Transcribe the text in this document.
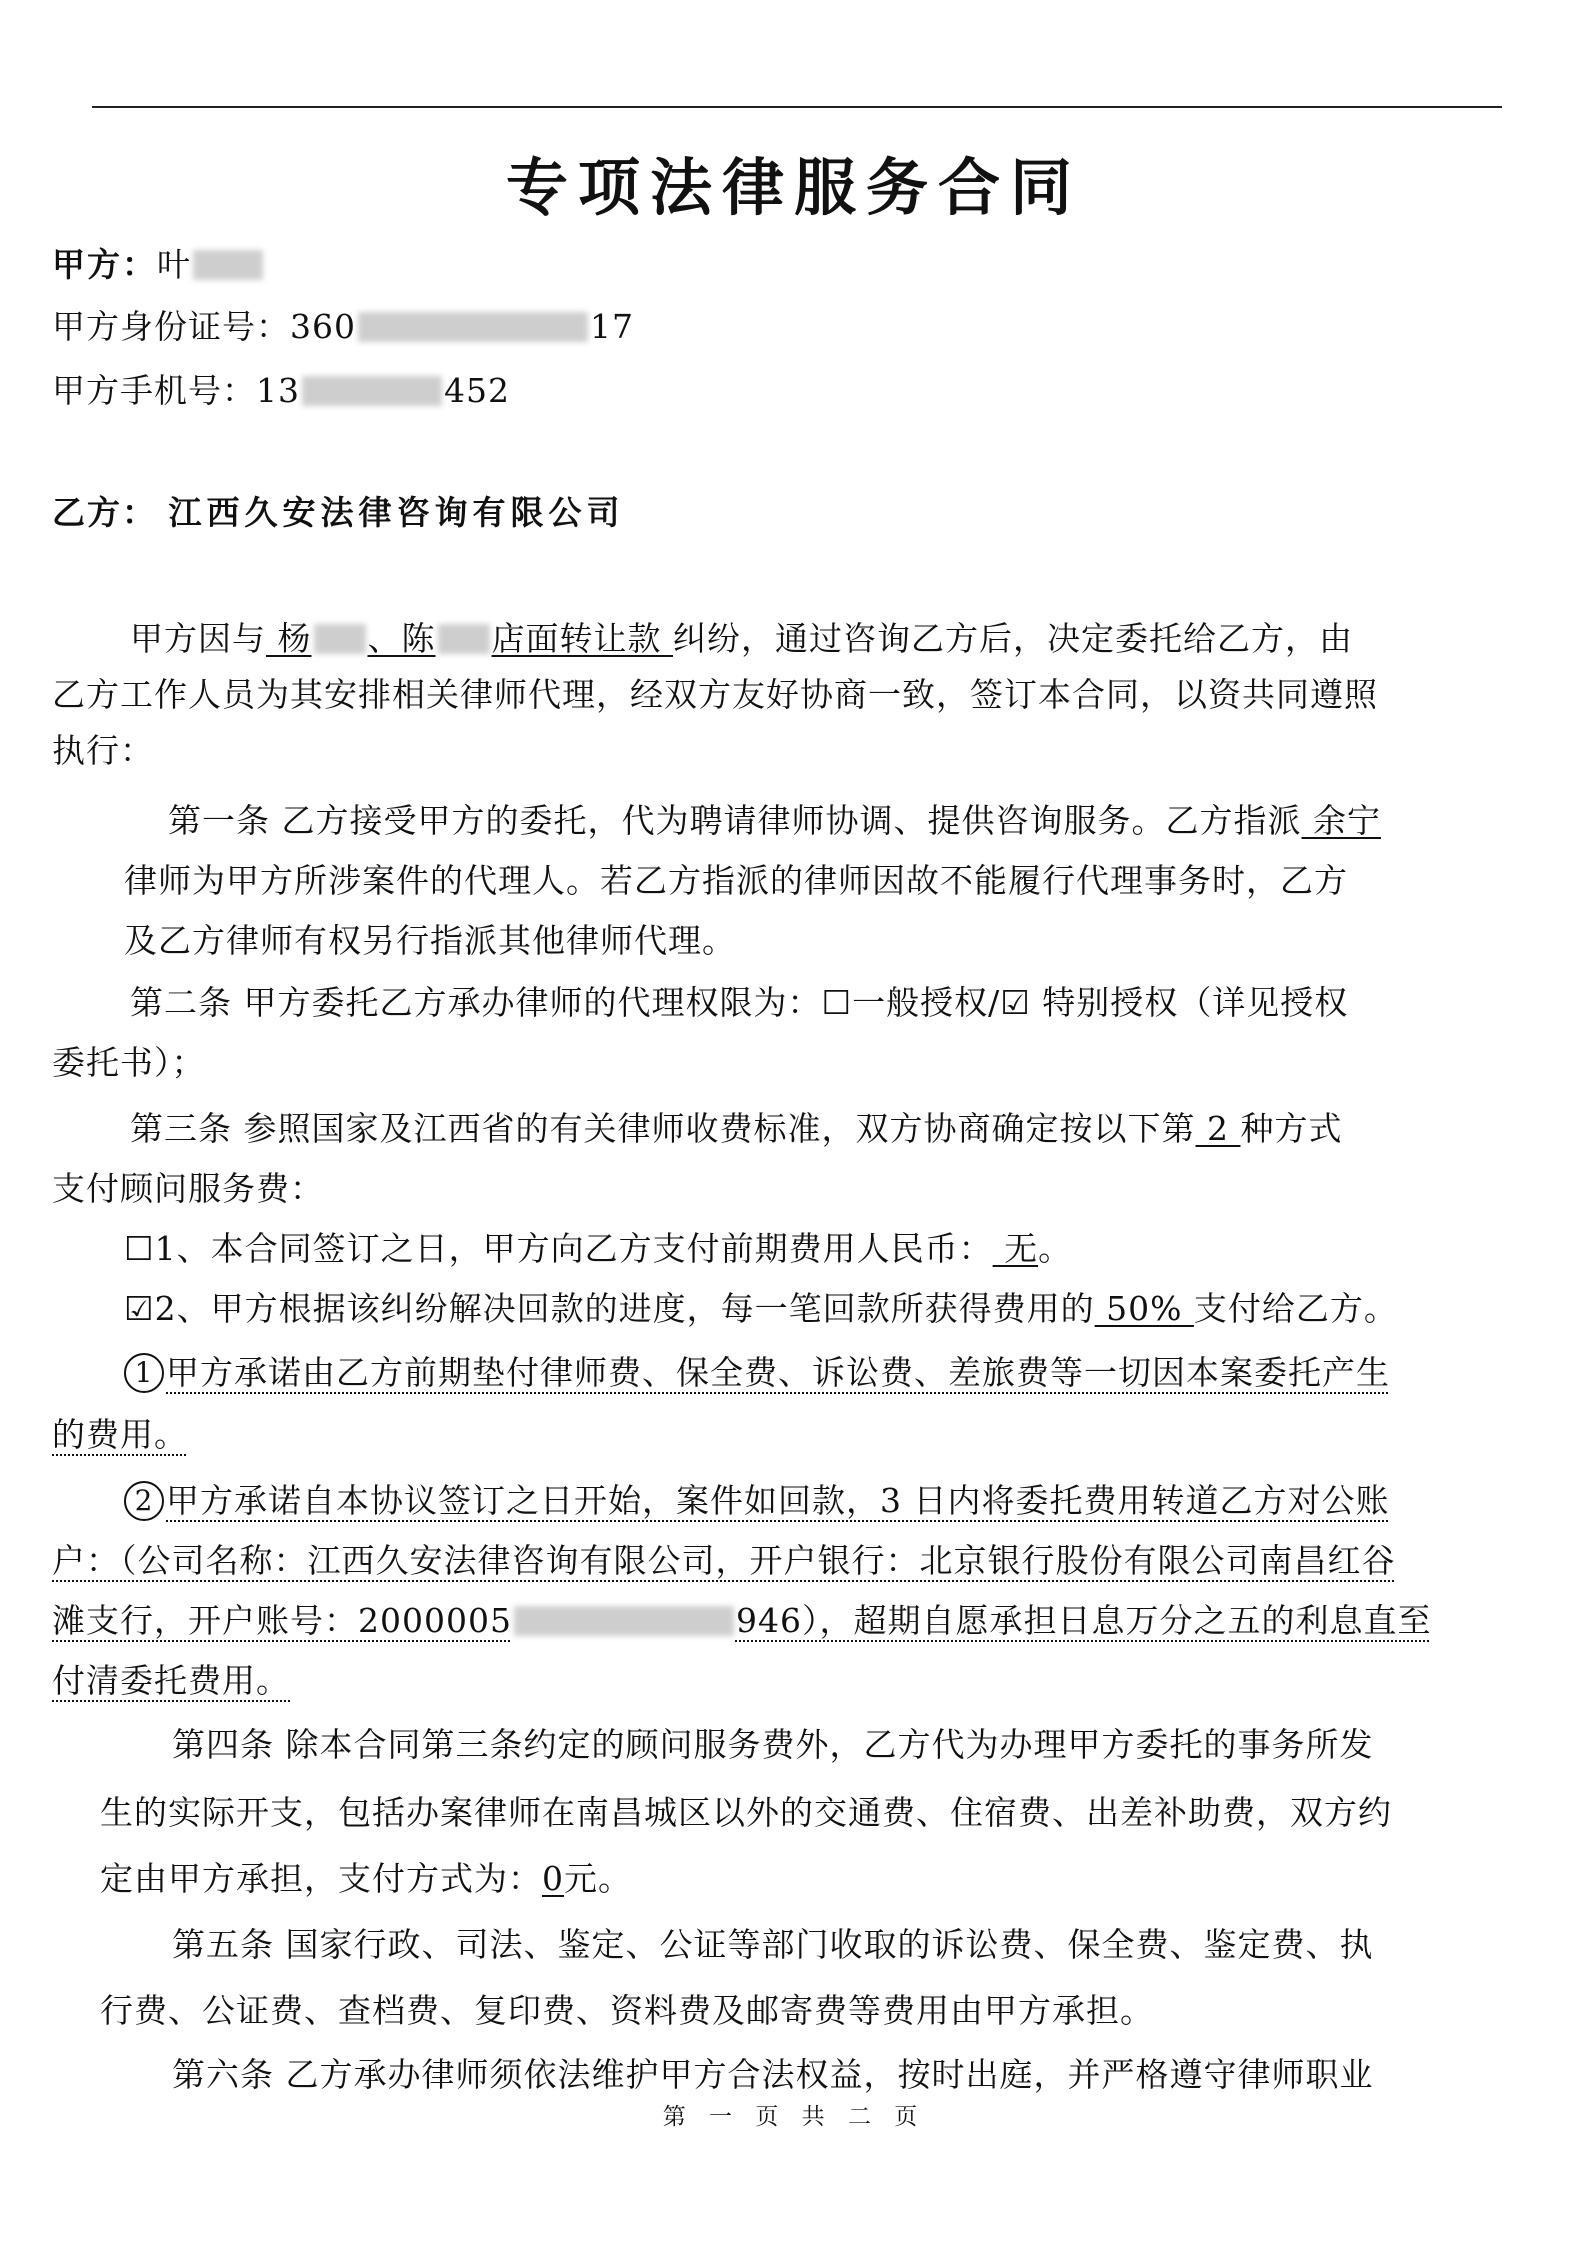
专项法律服务合同
甲方：叶
甲方身份证号：360	17
甲方手机号：13	452
乙方： 江西久安法律咨询有限公司
甲方因与 杨 、陈 店面转让款 纠纷，通过咨询乙方后，决定委托给乙方，由
乙方工作人员为其安排相关律师代理，经双方友好协商一致，签订本合同，以资共同遵照
执行：
第一条 乙方接受甲方的委托，代为聘请律师协调、提供咨询服务。乙方指派 余宁
律师为甲方所涉案件的代理人。若乙方指派的律师因故不能履行代理事务时，乙方
及乙方律师有权另行指派其他律师代理。
第二条 甲方委托乙方承办律师的代理权限为：☐一般授权/☑ 特别授权（详见授权
委托书）；
第三条 参照国家及江西省的有关律师收费标准，双方协商确定按以下第 2 种方式
支付顾问服务费：
☐1、本合同签订之日，甲方向乙方支付前期费用人民币： 无。
☑2、甲方根据该纠纷解决回款的进度，每一笔回款所获得费用的 50% 支付给乙方。
1 甲方承诺由乙方前期垫付律师费、保全费、诉讼费、差旅费等一切因本案委托产生
的费用。
2 甲方承诺自本协议签订之日开始，案件如回款，3 日内将委托费用转道乙方对公账
户：（公司名称：江西久安法律咨询有限公司，开户银行：北京银行股份有限公司南昌红谷
滩支行，开户账号：2000005	946），超期自愿承担日息万分之五的利息直至
付清委托费用。
第四条 除本合同第三条约定的顾问服务费外，乙方代为办理甲方委托的事务所发
生的实际开支，包括办案律师在南昌城区以外的交通费、住宿费、出差补助费，双方约
定由甲方承担，支付方式为：0元。
第五条 国家行政、司法、鉴定、公证等部门收取的诉讼费、保全费、鉴定费、执
行费、公证费、查档费、复印费、资料费及邮寄费等费用由甲方承担。
第六条 乙方承办律师须依法维护甲方合法权益，按时出庭，并严格遵守律师职业
第 一 页 共 二 页
